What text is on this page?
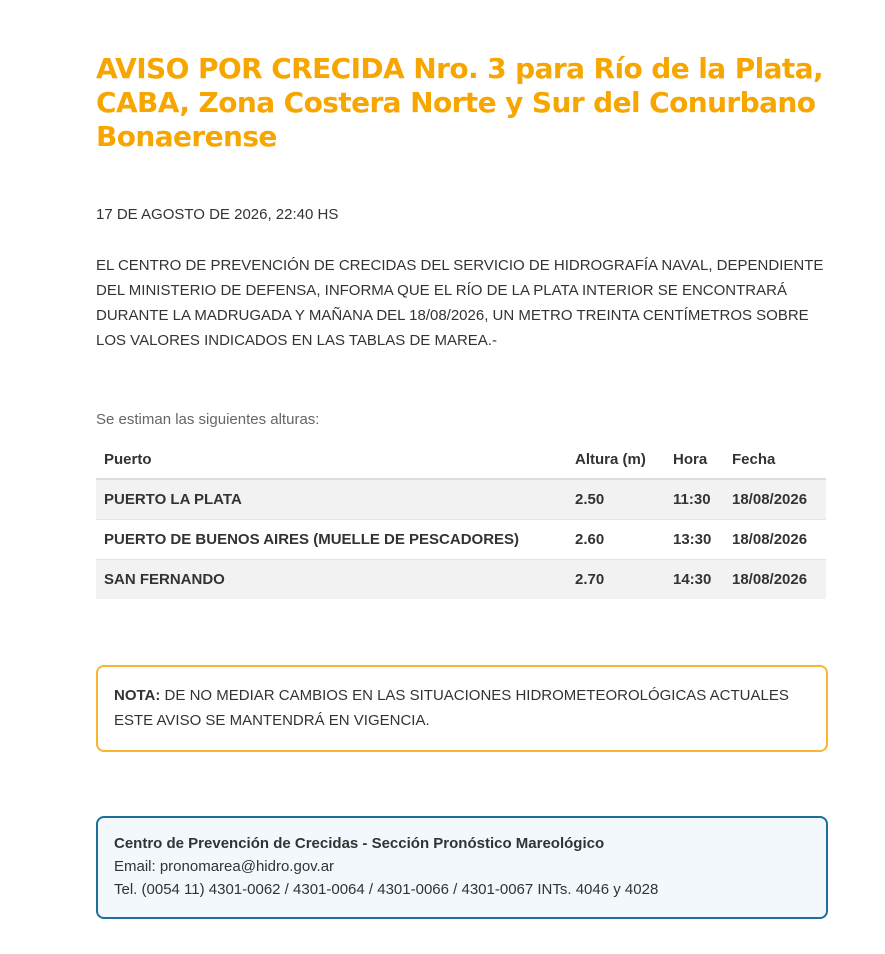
AVISO POR CRECIDA Nro. 3 para Río de la Plata, CABA, Zona Costera Norte y Sur del Conurbano Bonaerense
17 DE AGOSTO DE 2026, 22:40 HS

EL CENTRO DE PREVENCIÓN DE CRECIDAS DEL SERVICIO DE HIDROGRAFÍA NAVAL, DEPENDIENTE DEL MINISTERIO DE DEFENSA, INFORMA QUE EL RÍO DE LA PLATA INTERIOR SE ENCONTRARÁ DURANTE LA MADRUGADA Y MAÑANA DEL 18/08/2026, UN METRO TREINTA CENTÍMETROS SOBRE LOS VALORES INDICADOS EN LAS TABLAS DE MAREA.-

Se estiman las siguientes alturas:
Puerto	Altura (m)	Hora	Fecha
PUERTO LA PLATA	2.50	11:30	18/08/2026
PUERTO DE BUENOS AIRES (MUELLE DE PESCADORES)	2.60	13:30	18/08/2026
SAN FERNANDO	2.70	14:30	18/08/2026
NOTA: DE NO MEDIAR CAMBIOS EN LAS SITUACIONES HIDROMETEOROLÓGICAS ACTUALES ESTE AVISO SE MANTENDRÁ EN VIGENCIA.
Centro de Prevención de Crecidas - Sección Pronóstico Mareológico
Email: pronomarea@hidro.gov.ar
Tel. (0054 11) 4301-0062 / 4301-0064 / 4301-0066 / 4301-0067 INTs. 4046 y 4028
